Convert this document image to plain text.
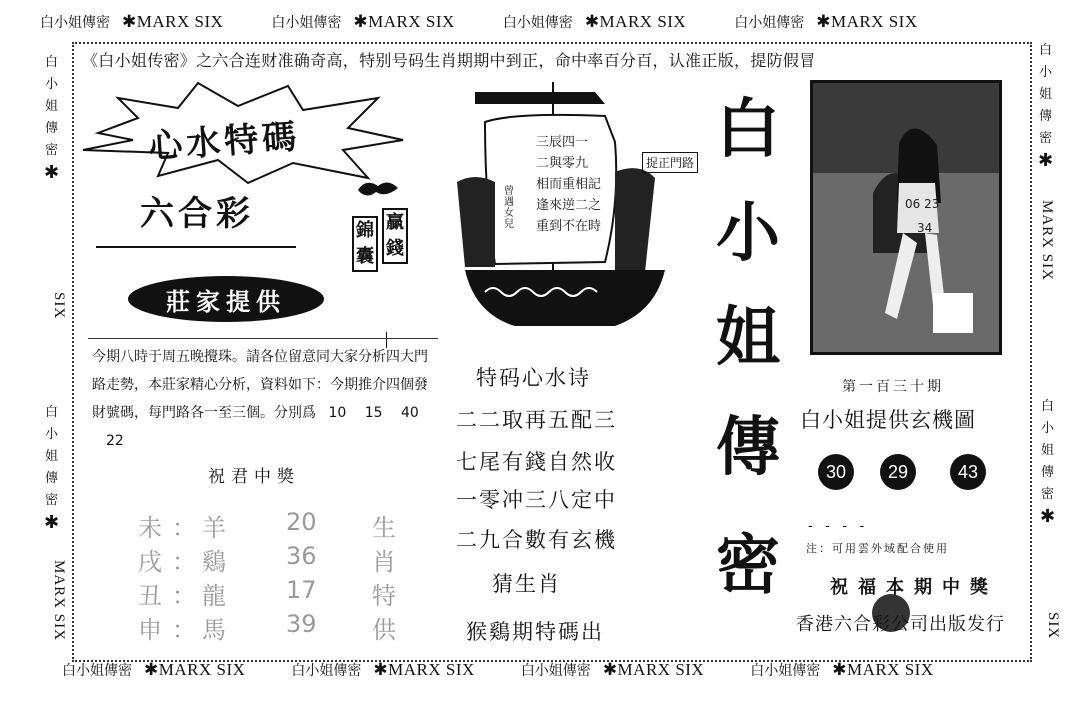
白小姐傳密 ✱MARX SIX	白小姐傳密 ✱MARX SIX	白小姐傳密 ✱MARX SIX	白小姐傳密 ✱MARX SIX
白
小
姐
傳
密
✱
SIX
白
小
姐
傳
密
✱
MARX SIX
白
小
姐
傳
密
✱
MARX SIX
白
小
姐
傳
密
✱
SIX
《白小姐传密》之六合连财准确奇高，特别号码生肖期期中到正，命中率百分百，认准正版，提防假冒
心水特碼
六合彩
莊家提供
錦囊
贏錢
今期八時于周五晚攪珠。請各位留意同大家分析四大門路走勢，本莊家精心分析，資料如下：今期推介四個發財號碼，每門路各一至三個。分別爲 10 15 40 22
祝君中獎
未 ： 羊	20 生
戌 ： 鷄	36 肖
丑 ： 龍	17 特
申 ： 馬	39 供
三辰四一
二與零九
相而重相記
逢來逆二之
重到不在時
曾遇女兒
捉正門路
特码心水诗
二二取再五配三
七尾有錢自然收
一零冲三八定中
二九合數有玄機
猜生肖
猴鷄期特碼出
白
小
姐
傳
密
06 23
34
第一百三十期
白小姐提供玄機圖
30	29	43
- - - -
注：可用雲外域配合使用
祝福本期中獎
香港六合彩公司出版发行
白小姐傳密 ✱MARX SIX	白小姐傳密 ✱MARX SIX	白小姐傳密 ✱MARX SIX	白小姐傳密 ✱MARX SIX
